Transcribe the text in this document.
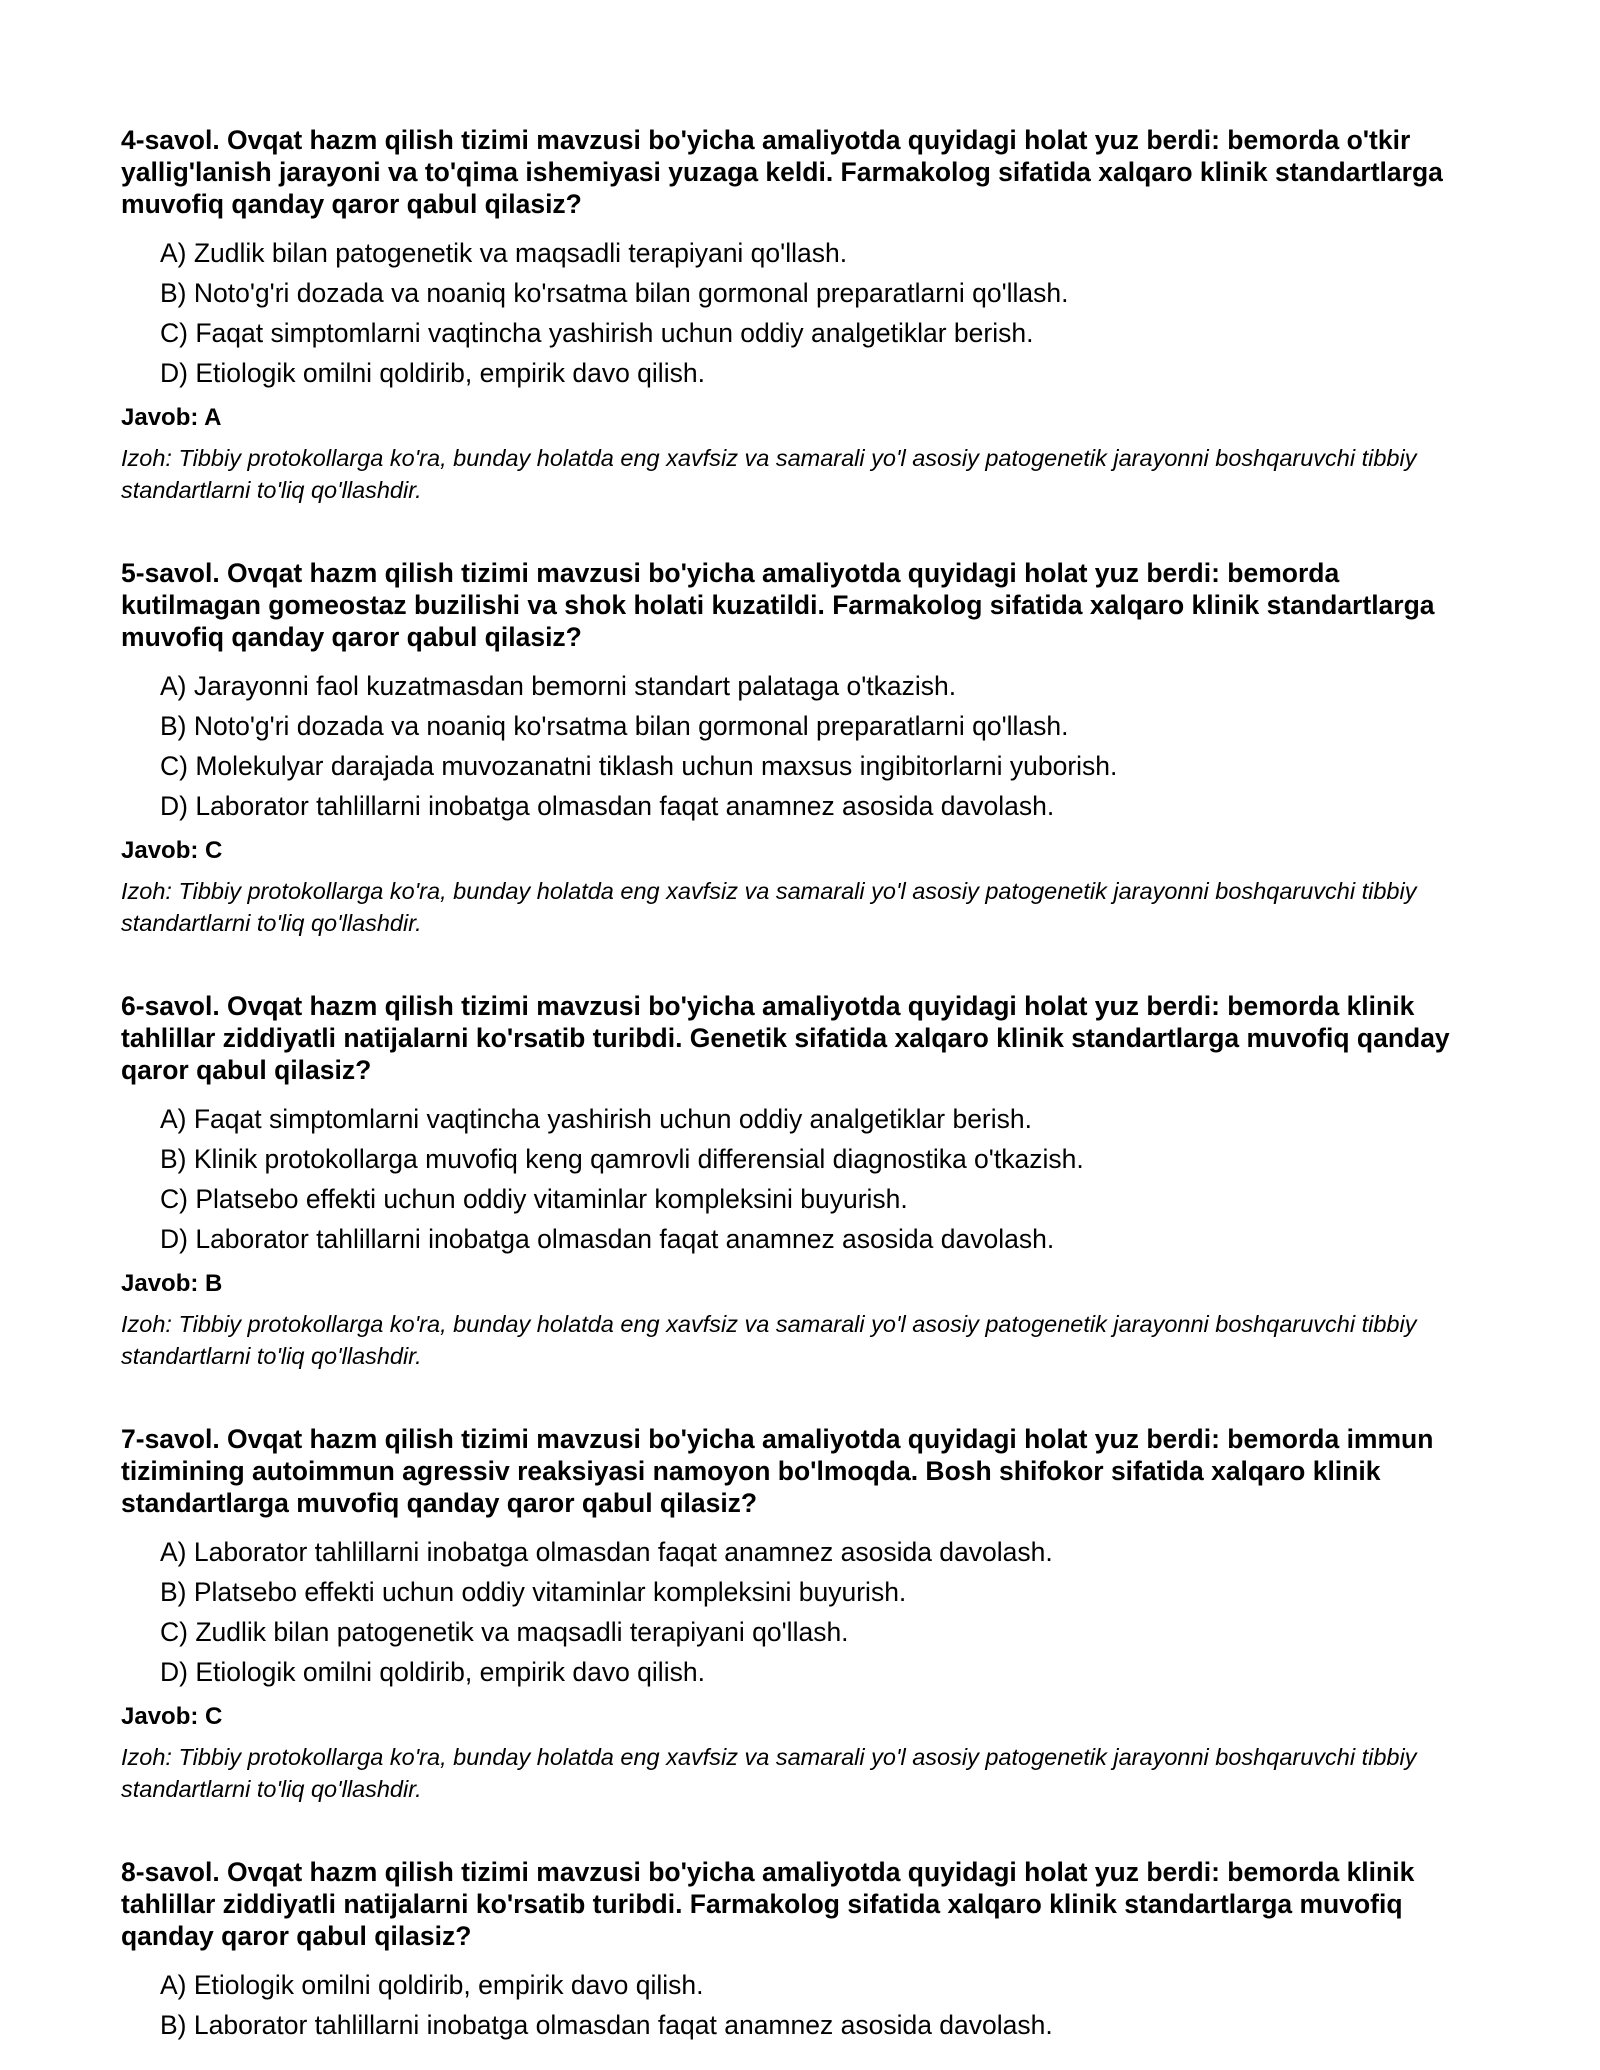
4-savol. Ovqat hazm qilish tizimi mavzusi bo'yicha amaliyotda quyidagi holat yuz berdi: bemorda o'tkir yallig'lanish jarayoni va to'qima ishemiyasi yuzaga keldi. Farmakolog sifatida xalqaro klinik standartlarga muvofiq qanday qaror qabul qilasiz?

A) Zudlik bilan patogenetik va maqsadli terapiyani qo'llash.
B) Noto'g'ri dozada va noaniq ko'rsatma bilan gormonal preparatlarni qo'llash.
C) Faqat simptomlarni vaqtincha yashirish uchun oddiy analgetiklar berish.
D) Etiologik omilni qoldirib, empirik davo qilish.

Javob: A

Izoh: Tibbiy protokollarga ko'ra, bunday holatda eng xavfsiz va samarali yo'l asosiy patogenetik jarayonni boshqaruvchi tibbiy standartlarni to'liq qo'llashdir.

5-savol. Ovqat hazm qilish tizimi mavzusi bo'yicha amaliyotda quyidagi holat yuz berdi: bemorda kutilmagan gomeostaz buzilishi va shok holati kuzatildi. Farmakolog sifatida xalqaro klinik standartlarga muvofiq qanday qaror qabul qilasiz?

A) Jarayonni faol kuzatmasdan bemorni standart palataga o'tkazish.
B) Noto'g'ri dozada va noaniq ko'rsatma bilan gormonal preparatlarni qo'llash.
C) Molekulyar darajada muvozanatni tiklash uchun maxsus ingibitorlarni yuborish.
D) Laborator tahlillarni inobatga olmasdan faqat anamnez asosida davolash.

Javob: C

Izoh: Tibbiy protokollarga ko'ra, bunday holatda eng xavfsiz va samarali yo'l asosiy patogenetik jarayonni boshqaruvchi tibbiy standartlarni to'liq qo'llashdir.

6-savol. Ovqat hazm qilish tizimi mavzusi bo'yicha amaliyotda quyidagi holat yuz berdi: bemorda klinik tahlillar ziddiyatli natijalarni ko'rsatib turibdi. Genetik sifatida xalqaro klinik standartlarga muvofiq qanday qaror qabul qilasiz?

A) Faqat simptomlarni vaqtincha yashirish uchun oddiy analgetiklar berish.
B) Klinik protokollarga muvofiq keng qamrovli differensial diagnostika o'tkazish.
C) Platsebo effekti uchun oddiy vitaminlar kompleksini buyurish.
D) Laborator tahlillarni inobatga olmasdan faqat anamnez asosida davolash.

Javob: B

Izoh: Tibbiy protokollarga ko'ra, bunday holatda eng xavfsiz va samarali yo'l asosiy patogenetik jarayonni boshqaruvchi tibbiy standartlarni to'liq qo'llashdir.

7-savol. Ovqat hazm qilish tizimi mavzusi bo'yicha amaliyotda quyidagi holat yuz berdi: bemorda immun tizimining autoimmun agressiv reaksiyasi namoyon bo'lmoqda. Bosh shifokor sifatida xalqaro klinik standartlarga muvofiq qanday qaror qabul qilasiz?

A) Laborator tahlillarni inobatga olmasdan faqat anamnez asosida davolash.
B) Platsebo effekti uchun oddiy vitaminlar kompleksini buyurish.
C) Zudlik bilan patogenetik va maqsadli terapiyani qo'llash.
D) Etiologik omilni qoldirib, empirik davo qilish.

Javob: C

Izoh: Tibbiy protokollarga ko'ra, bunday holatda eng xavfsiz va samarali yo'l asosiy patogenetik jarayonni boshqaruvchi tibbiy standartlarni to'liq qo'llashdir.

8-savol. Ovqat hazm qilish tizimi mavzusi bo'yicha amaliyotda quyidagi holat yuz berdi: bemorda klinik tahlillar ziddiyatli natijalarni ko'rsatib turibdi. Farmakolog sifatida xalqaro klinik standartlarga muvofiq qanday qaror qabul qilasiz?

A) Etiologik omilni qoldirib, empirik davo qilish.
B) Laborator tahlillarni inobatga olmasdan faqat anamnez asosida davolash.
